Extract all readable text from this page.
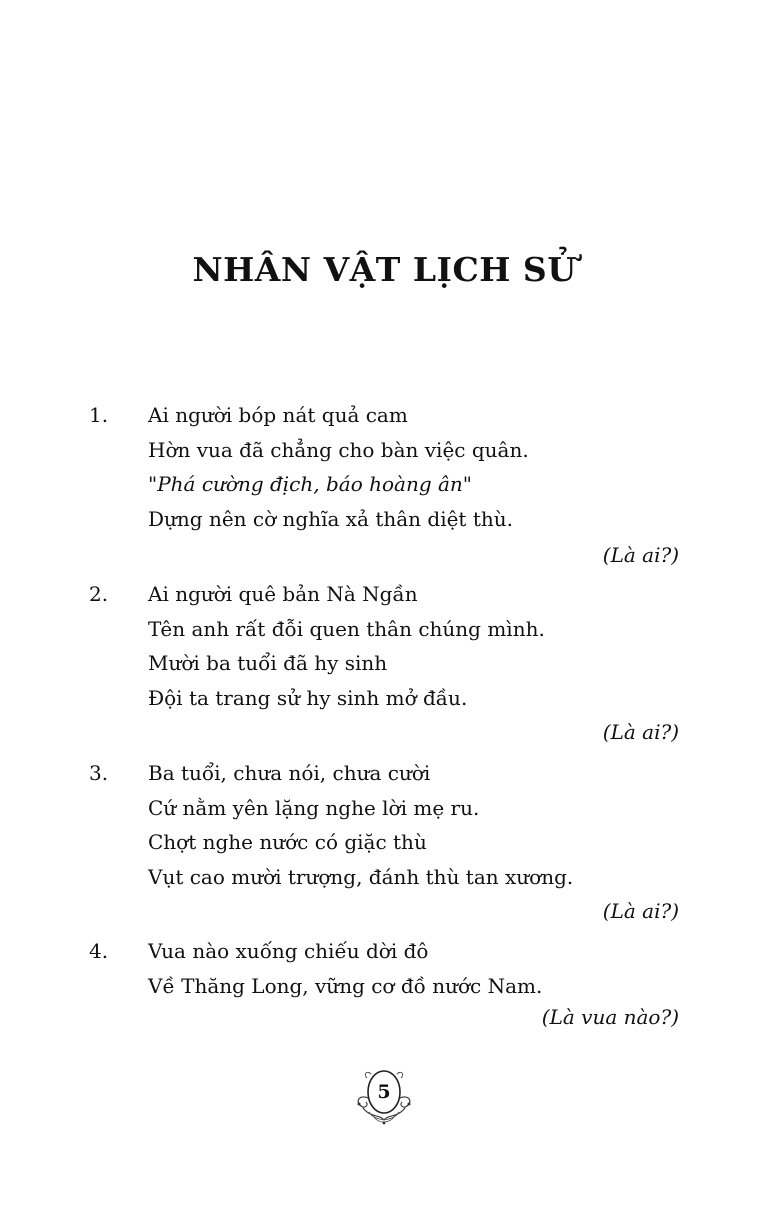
NHÂN VẬT LỊCH SỬ
1. Ai người bóp nát quả cam
Hờn vua đã chẳng cho bàn việc quân.
"Phá cường địch, báo hoàng ân"
Dựng nên cờ nghĩa xả thân diệt thù.
(Là ai?)
2. Ai người quê bản Nà Ngần
Tên anh rất đỗi quen thân chúng mình.
Mười ba tuổi đã hy sinh
Đội ta trang sử hy sinh mở đầu.
(Là ai?)
3. Ba tuổi, chưa nói, chưa cười
Cứ nằm yên lặng nghe lời mẹ ru.
Chợt nghe nước có giặc thù
Vụt cao mười trượng, đánh thù tan xương.
(Là ai?)
4. Vua nào xuống chiếu dời đô
Về Thăng Long, vững cơ đồ nước Nam.
(Là vua nào?)
5
